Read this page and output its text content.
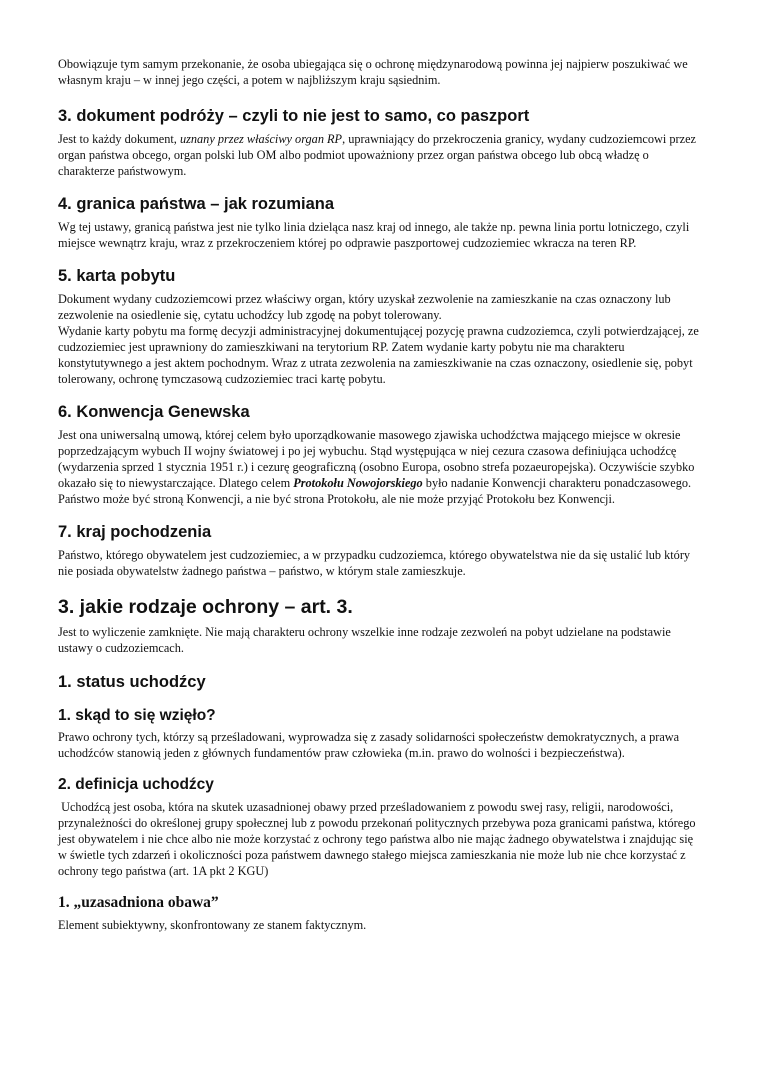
Obowiązuje tym samym przekonanie, że osoba ubiegająca się o ochronę międzynarodową powinna jej najpierw poszukiwać we własnym kraju – w innej jego części, a potem w najbliższym kraju sąsiednim.

3. dokument podróży – czyli to nie jest to samo, co paszport

Jest to każdy dokument, uznany przez właściwy organ RP, uprawniający do przekroczenia granicy, wydany cudzoziemcowi przez organ państwa obcego, organ polski lub OM albo podmiot upoważniony przez organ państwa obcego lub obcą władzę o charakterze państwowym.

4. granica państwa – jak rozumiana

Wg tej ustawy, granicą państwa jest nie tylko linia dzieląca nasz kraj od innego, ale także np. pewna linia portu lotniczego, czyli miejsce wewnątrz kraju, wraz z przekroczeniem której po odprawie paszportowej cudzoziemiec wkracza na teren RP.

5. karta pobytu

Dokument wydany cudzoziemcowi przez właściwy organ, który uzyskał zezwolenie na zamieszkanie na czas oznaczony lub zezwolenie na osiedlenie się, cytatu uchodźcy lub zgodę na pobyt tolerowany.

Wydanie karty pobytu ma formę decyzji administracyjnej dokumentującej pozycję prawna cudzoziemca, czyli potwierdzającej, ze cudzoziemiec jest uprawniony do zamieszkiwani na terytorium RP. Zatem wydanie karty pobytu nie ma charakteru konstytutywnego a jest aktem pochodnym. Wraz z utrata zezwolenia na zamieszkiwanie na czas oznaczony, osiedlenie się, pobyt tolerowany, ochronę tymczasową cudzoziemiec traci kartę pobytu.

6. Konwencja Genewska

Jest ona uniwersalną umową, której celem było uporządkowanie masowego zjawiska uchodźctwa mającego miejsce w okresie poprzedzającym wybuch II wojny światowej i po jej wybuchu. Stąd występująca w niej cezura czasowa definiująca uchodźcę (wydarzenia sprzed 1 stycznia 1951 r.) i cezurę geograficzną (osobno Europa, osobno strefa pozaeuropejska). Oczywiście szybko okazało się to niewystarczające. Dlatego celem Protokołu Nowojorskiego było nadanie Konwencji charakteru ponadczasowego. Państwo może być stroną Konwencji, a nie być strona Protokołu, ale nie może przyjąć Protokołu bez Konwencji.

7. kraj pochodzenia

Państwo, którego obywatelem jest cudzoziemiec, a w przypadku cudzoziemca, którego obywatelstwa nie da się ustalić lub który nie posiada obywatelstw żadnego państwa – państwo, w którym stale zamieszkuje.

3. jakie rodzaje ochrony – art. 3.

Jest to wyliczenie zamknięte. Nie mają charakteru ochrony wszelkie inne rodzaje zezwoleń na pobyt udzielane na podstawie ustawy o cudzoziemcach.

1. status uchodźcy
1. skąd to się wzięło?

Prawo ochrony tych, którzy są prześladowani, wyprowadza się z zasady solidarności społeczeństw demokratycznych, a prawa uchodźców stanowią jeden z głównych fundamentów praw człowieka (m.in. prawo do wolności i bezpieczeństwa).

2. definicja uchodźcy

Uchodźcą jest osoba, która na skutek uzasadnionej obawy przed prześladowaniem z powodu swej rasy, religii, narodowości, przynależności do określonej grupy społecznej lub z powodu przekonań politycznych przebywa poza granicami państwa, którego jest obywatelem i nie chce albo nie może korzystać z ochrony tego państwa albo nie mając żadnego obywatelstwa i znajdując się w świetle tych zdarzeń i okoliczności poza państwem dawnego stałego miejsca zamieszkania nie może lub nie chce korzystać z ochrony tego państwa (art. 1A pkt 2 KGU)

1. „uzasadniona obawa”

Element subiektywny, skonfrontowany ze stanem faktycznym.
